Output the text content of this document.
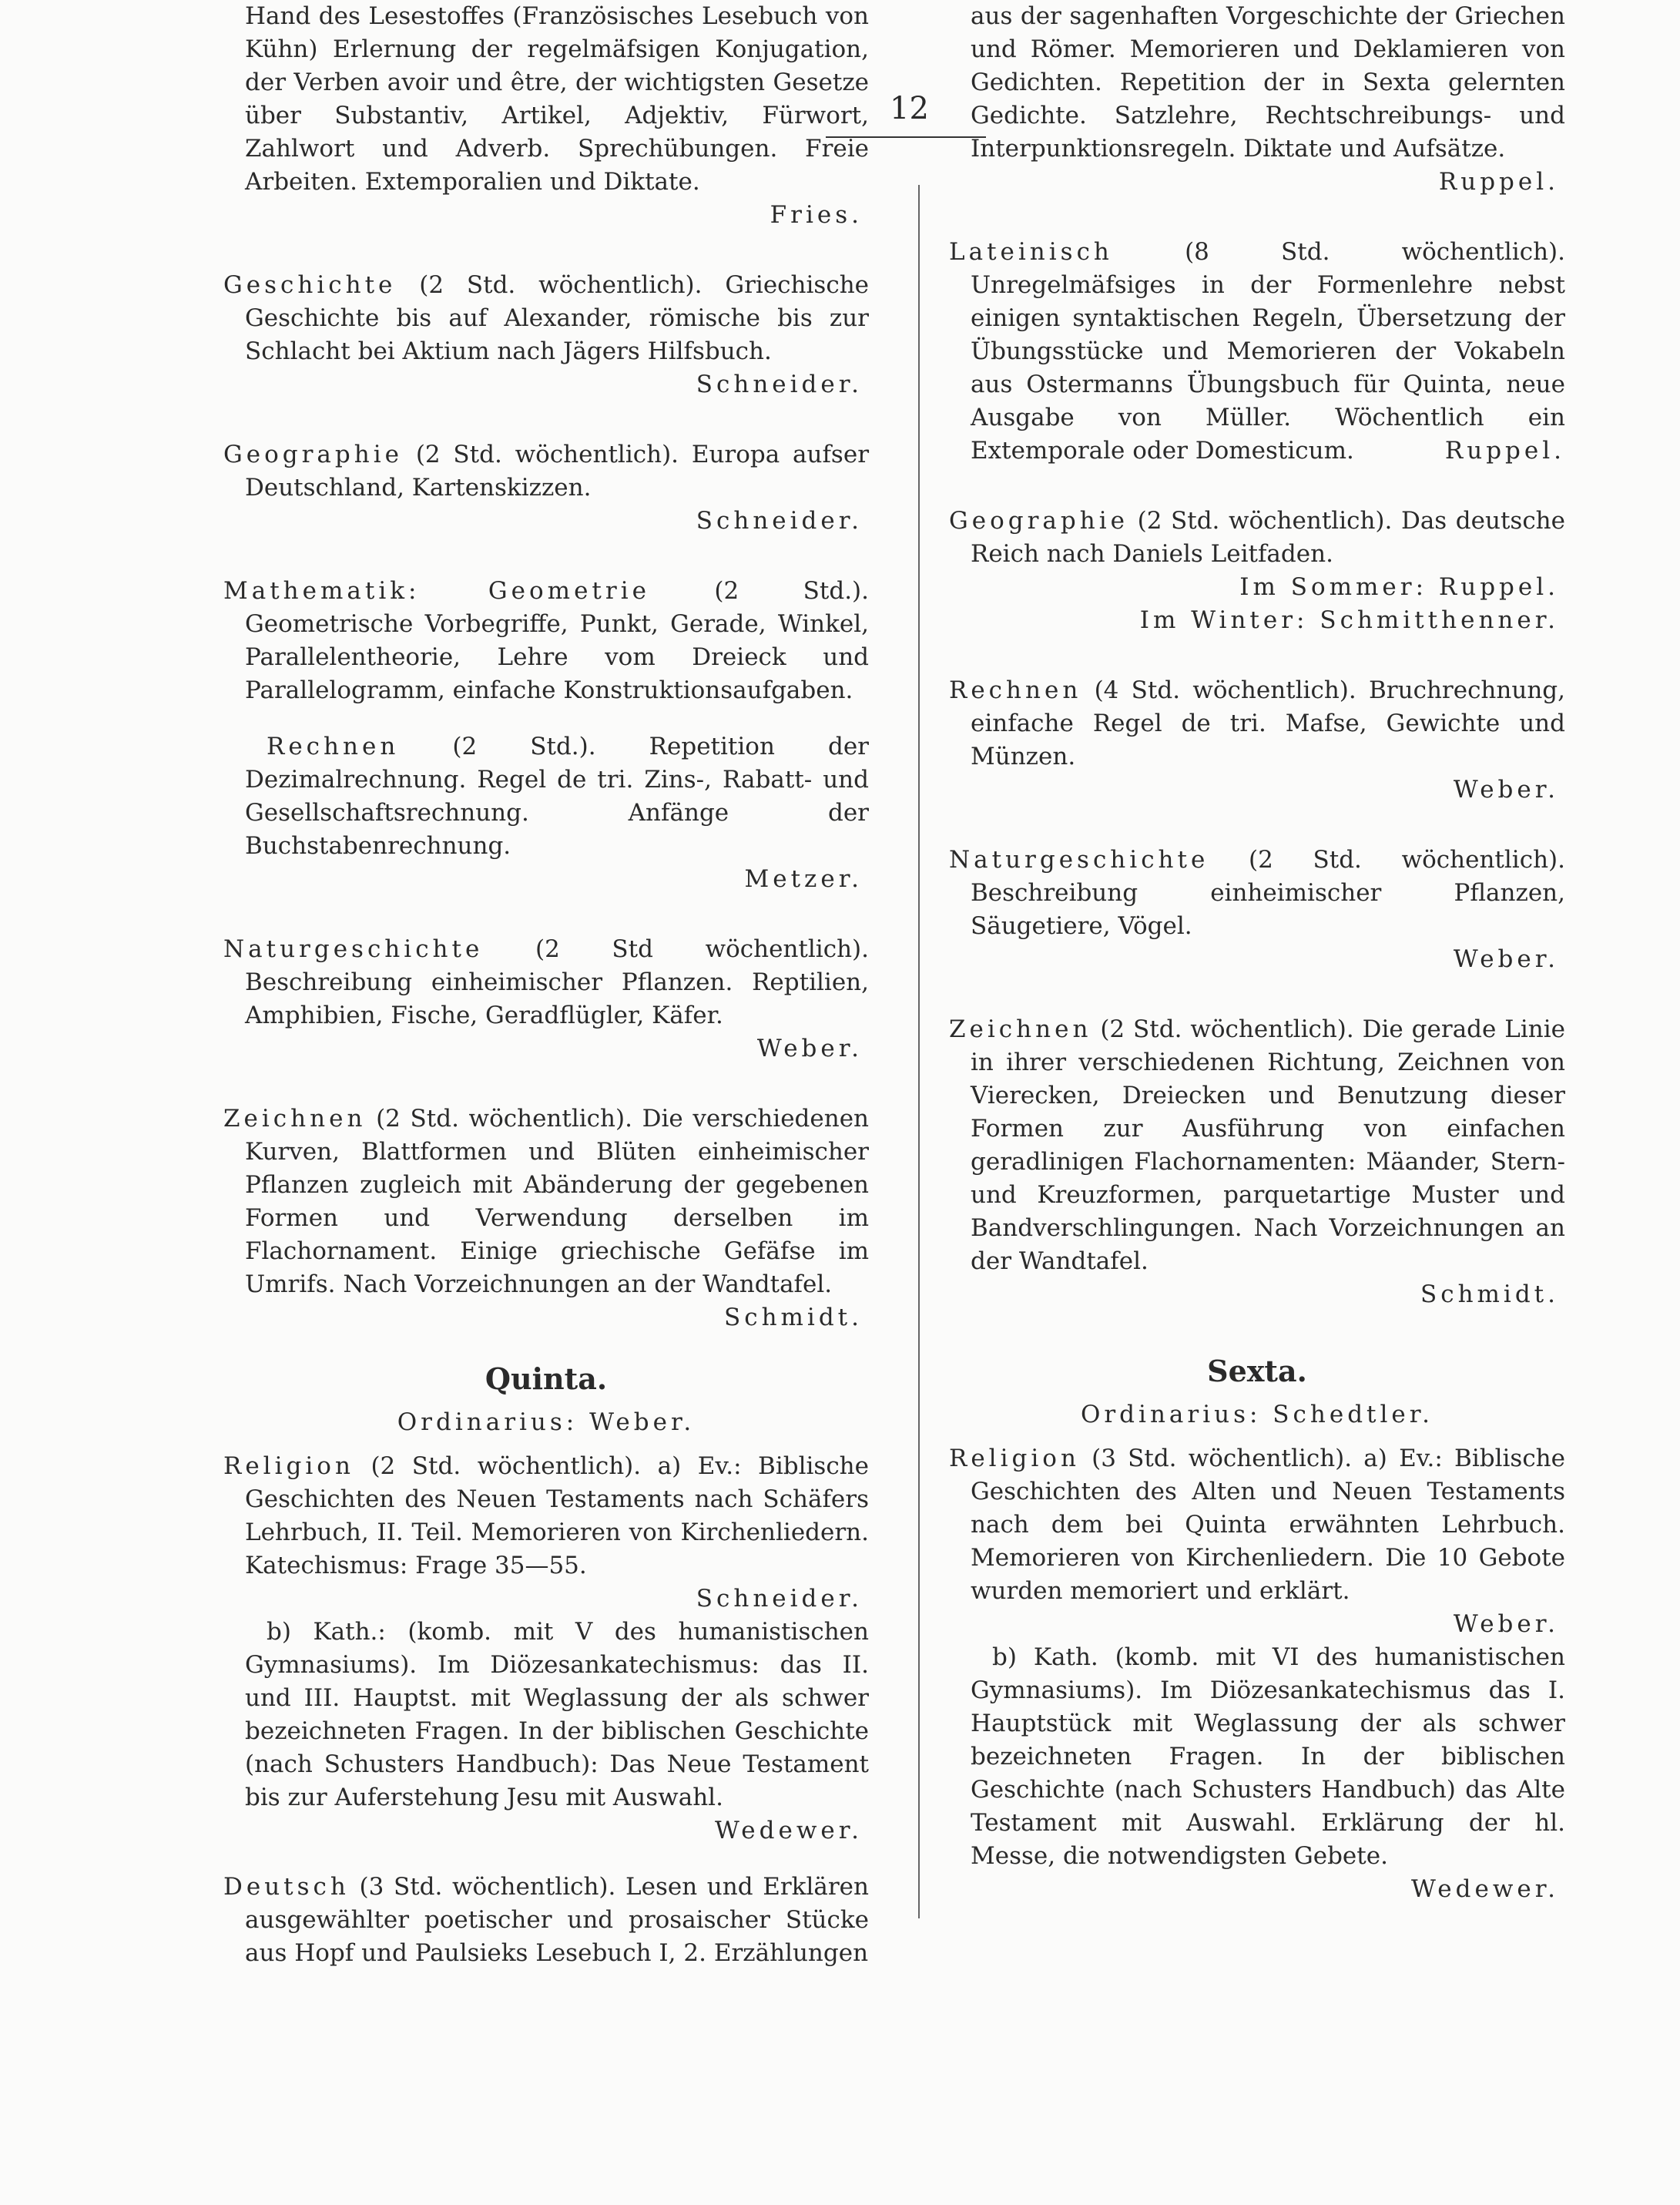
12

Hand des Lesestoffes (Französisches Lesebuch von Kühn) Erlernung der regelmäfsigen Konjugation, der Verben avoir und être, der wichtigsten Gesetze über Substantiv, Artikel, Adjektiv, Fürwort, Zahlwort und Adverb. Sprechübungen. Freie Arbeiten. Extemporalien und Diktate.

Fries.

Geschichte (2 Std. wöchentlich). Griechische Geschichte bis auf Alexander, römische bis zur Schlacht bei Aktium nach Jägers Hilfsbuch.

Schneider.

Geographie (2 Std. wöchentlich). Europa aufser Deutschland, Kartenskizzen.

Schneider.

Mathematik: Geometrie	(2 Std.). Geometrische Vorbegriffe, Punkt, Gerade, Winkel, Parallelentheorie, Lehre vom Dreieck und Parallelogramm, einfache Konstruktionsaufgaben.

Rechnen (2 Std.). Repetition der Dezimalrechnung. Regel de tri. Zins-, Rabatt- und Gesellschaftsrechnung. Anfänge der Buchstabenrechnung.

Metzer.

Naturgeschichte (2 Std wöchentlich). Beschreibung einheimischer Pflanzen. Reptilien, Amphibien, Fische, Geradflügler, Käfer.

Weber.

Zeichnen (2 Std. wöchentlich). Die verschiedenen Kurven, Blattformen und Blüten einheimischer Pflanzen zugleich mit Abänderung der gegebenen Formen und Verwendung derselben im Flachornament. Einige griechische Gefäfse im Umrifs. Nach Vorzeichnungen an der Wandtafel.

Schmidt.

Quinta.

Ordinarius: Weber.

Religion (2 Std. wöchentlich). a) Ev.: Biblische Geschichten des Neuen Testaments nach Schäfers Lehrbuch, II. Teil. Memorieren von Kirchenliedern. Katechismus: Frage 35—55.

Schneider.

b) Kath.: (komb. mit V des humanistischen Gymnasiums). Im Diözesankatechismus: das II. und III. Hauptst. mit Weglassung der als schwer bezeichneten Fragen. In der biblischen Geschichte (nach Schusters Handbuch): Das Neue Testament bis zur Auferstehung Jesu mit Auswahl.

Wedewer.

Deutsch (3 Std. wöchentlich). Lesen und Erklären ausgewählter poetischer und prosaischer Stücke aus Hopf und Paulsieks Lesebuch I, 2. Erzählungen

aus der sagenhaften Vorgeschichte der Griechen und Römer. Memorieren und Deklamieren von Gedichten. Repetition der in Sexta gelernten Gedichte. Satzlehre, Rechtschreibungs- und Interpunktionsregeln. Diktate und Aufsätze.

Ruppel.

Lateinisch	(8 Std. wöchentlich). Unregelmäfsiges in der Formenlehre nebst einigen syntaktischen Regeln, Übersetzung der Übungsstücke und Memorieren der Vokabeln aus Ostermanns Übungsbuch für Quinta, neue Ausgabe von Müller. Wöchentlich ein Extemporale oder Domesticum.	Ruppel.

Geographie (2 Std. wöchentlich). Das deutsche Reich nach Daniels Leitfaden.

Im Sommer: Ruppel.

Im Winter: Schmitthenner.

Rechnen (4 Std. wöchentlich). Bruchrechnung, einfache Regel de tri. Mafse, Gewichte und Münzen.

Weber.

Naturgeschichte (2 Std. wöchentlich). Beschreibung einheimischer Pflanzen, Säugetiere, Vögel.

Weber.

Zeichnen (2 Std. wöchentlich). Die gerade Linie in ihrer verschiedenen Richtung, Zeichnen von Vierecken, Dreiecken und Benutzung dieser Formen zur Ausführung von einfachen geradlinigen Flachornamenten: Mäander, Stern- und Kreuzformen, parquetartige Muster und Bandverschlingungen. Nach Vorzeichnungen an der Wandtafel.

Schmidt.

Sexta.

Ordinarius: Schedtler.

Religion (3 Std. wöchentlich). a) Ev.: Biblische Geschichten des Alten und Neuen Testaments nach dem bei Quinta erwähnten Lehrbuch. Memorieren von Kirchenliedern. Die 10 Gebote wurden memoriert und erklärt.

Weber.

b) Kath. (komb. mit VI des humanistischen Gymnasiums). Im Diözesankatechismus das I. Hauptstück mit Weglassung der als schwer bezeichneten Fragen. In der biblischen Geschichte (nach Schusters Handbuch) das Alte Testament mit Auswahl. Erklärung der hl. Messe, die notwendigsten Gebete.

Wedewer.
